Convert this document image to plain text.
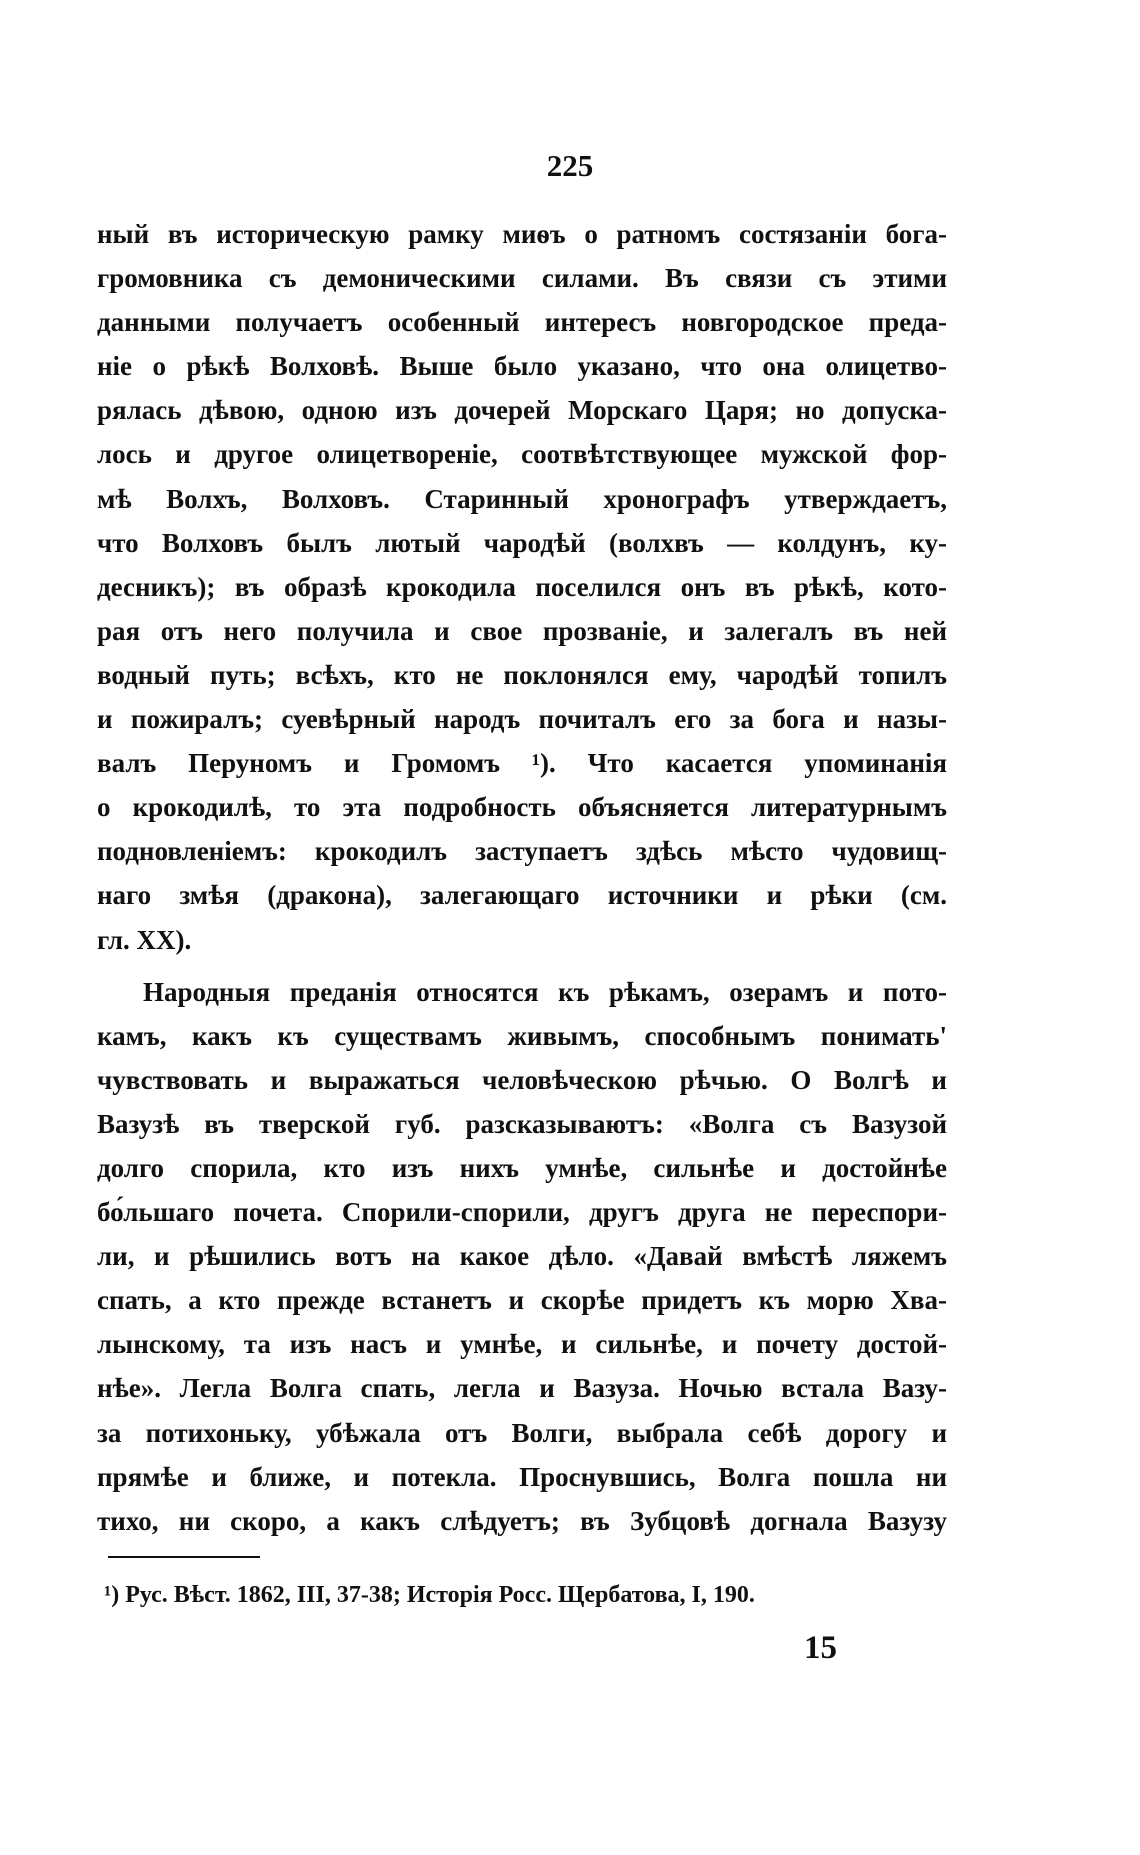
225
ный въ историческую рамку миѳъ о ратномъ состязаніи бога-
громовника съ демоническими силами. Въ связи съ этими
данными получаетъ особенный интересъ новгородское преда-
ніе о рѣкѣ Волховѣ. Выше было указано, что она олицетво-
рялась дѣвою, одною изъ дочерей Морскаго Царя; но допуска-
лось и другое олицетвореніе, соотвѣтствующее мужской фор-
мѣ Волхъ, Волховъ. Старинный хронографъ утверждаетъ,
что Волховъ былъ лютый чародѣй (волхвъ — колдунъ, ку-
десникъ); въ образѣ крокодила поселился онъ въ рѣкѣ, кото-
рая отъ него получила и свое прозваніе, и залегалъ въ ней
водный путь; всѣхъ, кто не поклонялся ему, чародѣй топилъ
и пожиралъ; суевѣрный народъ почиталъ его за бога и назы-
валъ Перуномъ и Громомъ ¹). Что касается упоминанія
о крокодилѣ, то эта подробность объясняется литературнымъ
подновленіемъ: крокодилъ заступаетъ здѣсь мѣсто чудовищ-
наго змѣя (дракона), залегающаго источники и рѣки (см.
гл. XX).
Народныя преданія относятся къ рѣкамъ, озерамъ и пото-
камъ, какъ къ существамъ живымъ, способнымъ понимать'
чувствовать и выражаться человѣческою рѣчью. О Волгѣ и
Вазузѣ въ тверской губ. разсказываютъ: «Волга съ Вазузой
долго спорила, кто изъ нихъ умнѣе, сильнѣе и достойнѣе
бо́льшаго почета. Спорили-спорили, другъ друга не переспори-
ли, и рѣшились вотъ на какое дѣло. «Давай вмѣстѣ ляжемъ
спать, а кто прежде встанетъ и скорѣе придетъ къ морю Хва-
лынскому, та изъ насъ и умнѣе, и сильнѣе, и почету достой-
нѣе». Легла Волга спать, легла и Вазуза. Ночью встала Вазу-
за потихоньку, убѣжала отъ Волги, выбрала себѣ дорогу и
прямѣе и ближе, и потекла. Проснувшись, Волга пошла ни
тихо, ни скоро, а какъ слѣдуетъ; въ Зубцовѣ догнала Вазузу
¹) Рус. Вѣст. 1862, III, 37-38; Исторія Росс. Щербатова, I, 190.
15
